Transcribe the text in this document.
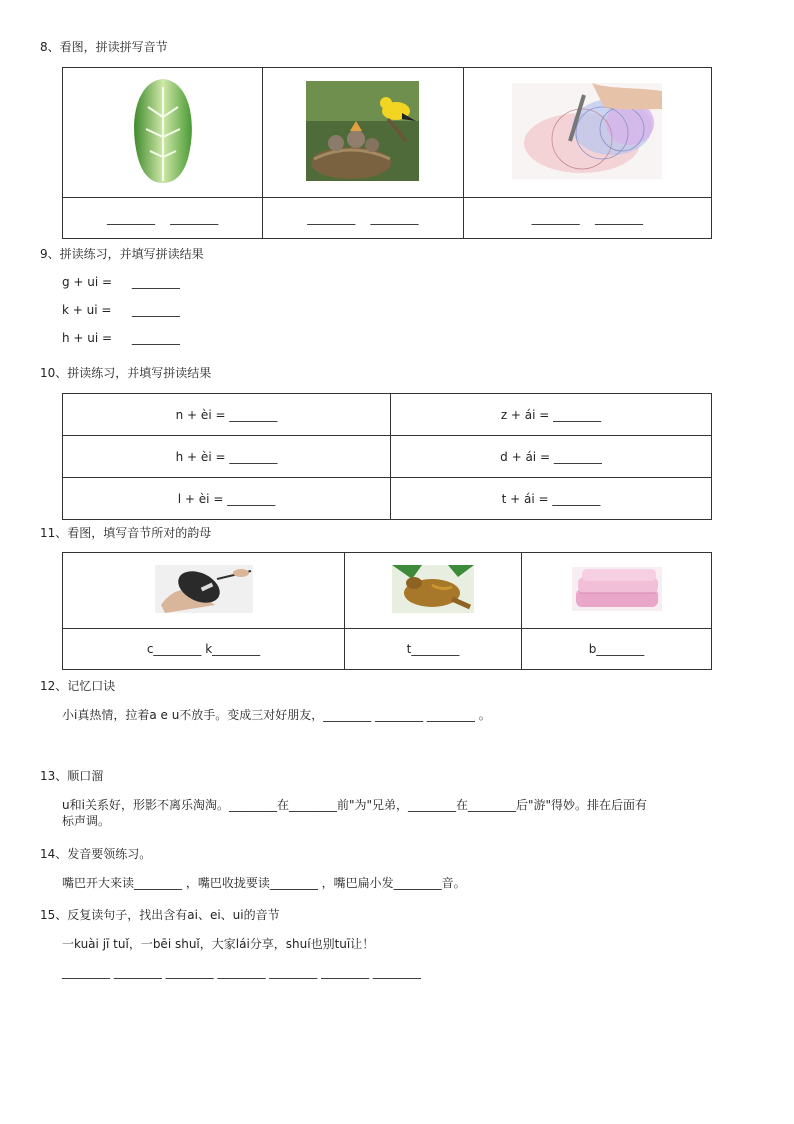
8、看图，拼读拼写音节

________ ________	________ ________	________ ________
9、拼读练习，并填写拼读结果
g + ui = ________
k + ui = ________
h + ui = ________
10、拼读练习，并填写拼读结果
n + èi = ________	z + ái = ________
h + èi = ________	d + ái = ________
l + èi = ________	t + ái = ________
11、看图，填写音节所对的韵母

c________ k________	t________	b________
12、记忆口诀
小i真热情，拉着a e u不放手。变成三对好朋友，________ ________ ________ 。
13、顺口溜
u和i关系好，形影不离乐淘淘。________在________前"为"兄弟，________在________后"游"得妙。排在后面有
标声调。
14、发音要领练习。
嘴巴开大来读________ ，嘴巴收拢要读________ ，嘴巴扁小发________音。
15、反复读句子，找出含有ai、ei、ui的音节
一kuài jī tuǐ，一bēi shuǐ，大家lái分享，shuí也别tuī让！
________ ________ ________ ________ ________ ________ ________
